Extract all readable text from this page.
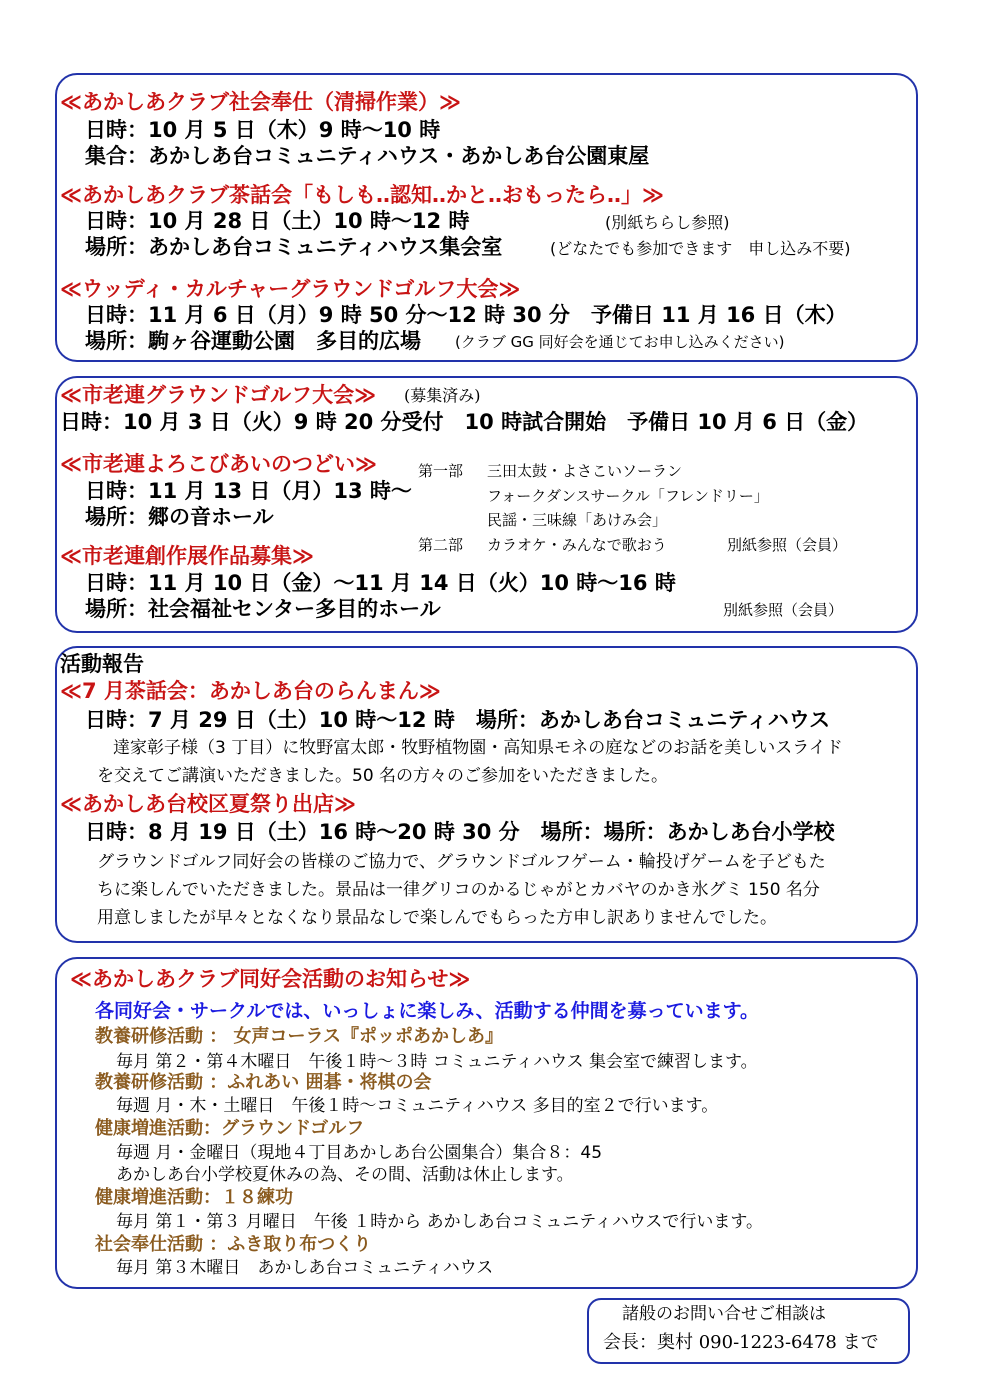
≪あかしあクラブ社会奉仕（清掃作業）≫
日時：10 月 5 日（木）9 時〜10 時
集合：あかしあ台コミュニティハウス・あかしあ台公園東屋
≪あかしあクラブ茶話会「もしも‥認知‥かと‥おもったら‥」≫
日時：10 月 28 日（土）10 時〜12 時	(別紙ちらし参照)
場所：あかしあ台コミュニティハウス集会室	(どなたでも参加できます　申し込み不要)
≪ウッディ・カルチャーグラウンドゴルフ大会≫
日時：11 月 6 日（月）9 時 50 分〜12 時 30 分　予備日 11 月 16 日（木）
場所：駒ヶ谷運動公園　多目的広場 (クラブ GG 同好会を通じてお申し込みください)
≪市老連グラウンドゴルフ大会≫ (募集済み)
日時：10 月 3 日（火）9 時 20 分受付　10 時試合開始　予備日 10 月 6 日（金）
≪市老連よろこびあいのつどい≫
日時：11 月 13 日（月）13 時〜
場所：郷の音ホール
第一部 三田太鼓・よさこいソーラン
フォークダンスサークル「フレンドリー」
民謡・三味線「あけみ会」
第二部 カラオケ・みんなで歌おう	別紙参照（会員）
≪市老連創作展作品募集≫
日時：11 月 10 日（金）〜11 月 14 日（火）10 時〜16 時
場所：社会福祉センター多目的ホール	別紙参照（会員）
活動報告
≪7 月茶話会：あかしあ台のらんまん≫
日時：7 月 29 日（土）10 時〜12 時　場所：あかしあ台コミュニティハウス
達家彰子様（3 丁目）に牧野富太郎・牧野植物園・高知県モネの庭などのお話を美しいスライド
を交えてご講演いただきました。50 名の方々のご参加をいただきました。
≪あかしあ台校区夏祭り出店≫
日時：8 月 19 日（土）16 時〜20 時 30 分　場所：場所：あかしあ台小学校
グラウンドゴルフ同好会の皆様のご協力で、グラウンドゴルフゲーム・輪投げゲームを子どもた
ちに楽しんでいただきました。景品は一律グリコのかるじゃがとカバヤのかき氷グミ 150 名分
用意しましたが早々となくなり景品なしで楽しんでもらった方申し訳ありませんでした。
≪あかしあクラブ同好会活動のお知らせ≫
各同好会・サークルでは、いっしょに楽しみ、活動する仲間を募っています。
教養研修活動 ： 女声コーラス『ポッポあかしあ』
毎月 第２・第４木曜日　午後１時〜３時 コミュニティハウス 集会室で練習します。
教養研修活動 ：ふれあい 囲碁・将棋の会
毎週 月・木・土曜日　午後１時〜コミュニティハウス 多目的室２で行います。
健康増進活動：グラウンドゴルフ
毎週 月・金曜日（現地４丁目あかしあ台公園集合）集合８：45
あかしあ台小学校夏休みの為、その間、活動は休止します。
健康増進活動：１８練功
毎月 第１・第３ 月曜日　午後 １時から あかしあ台コミュニティハウスで行います。
社会奉仕活動 ：ふき取り布つくり
毎月 第３木曜日　あかしあ台コミュニティハウス
諸般のお問い合せご相談は
会長：奥村 090-1223-6478 まで
